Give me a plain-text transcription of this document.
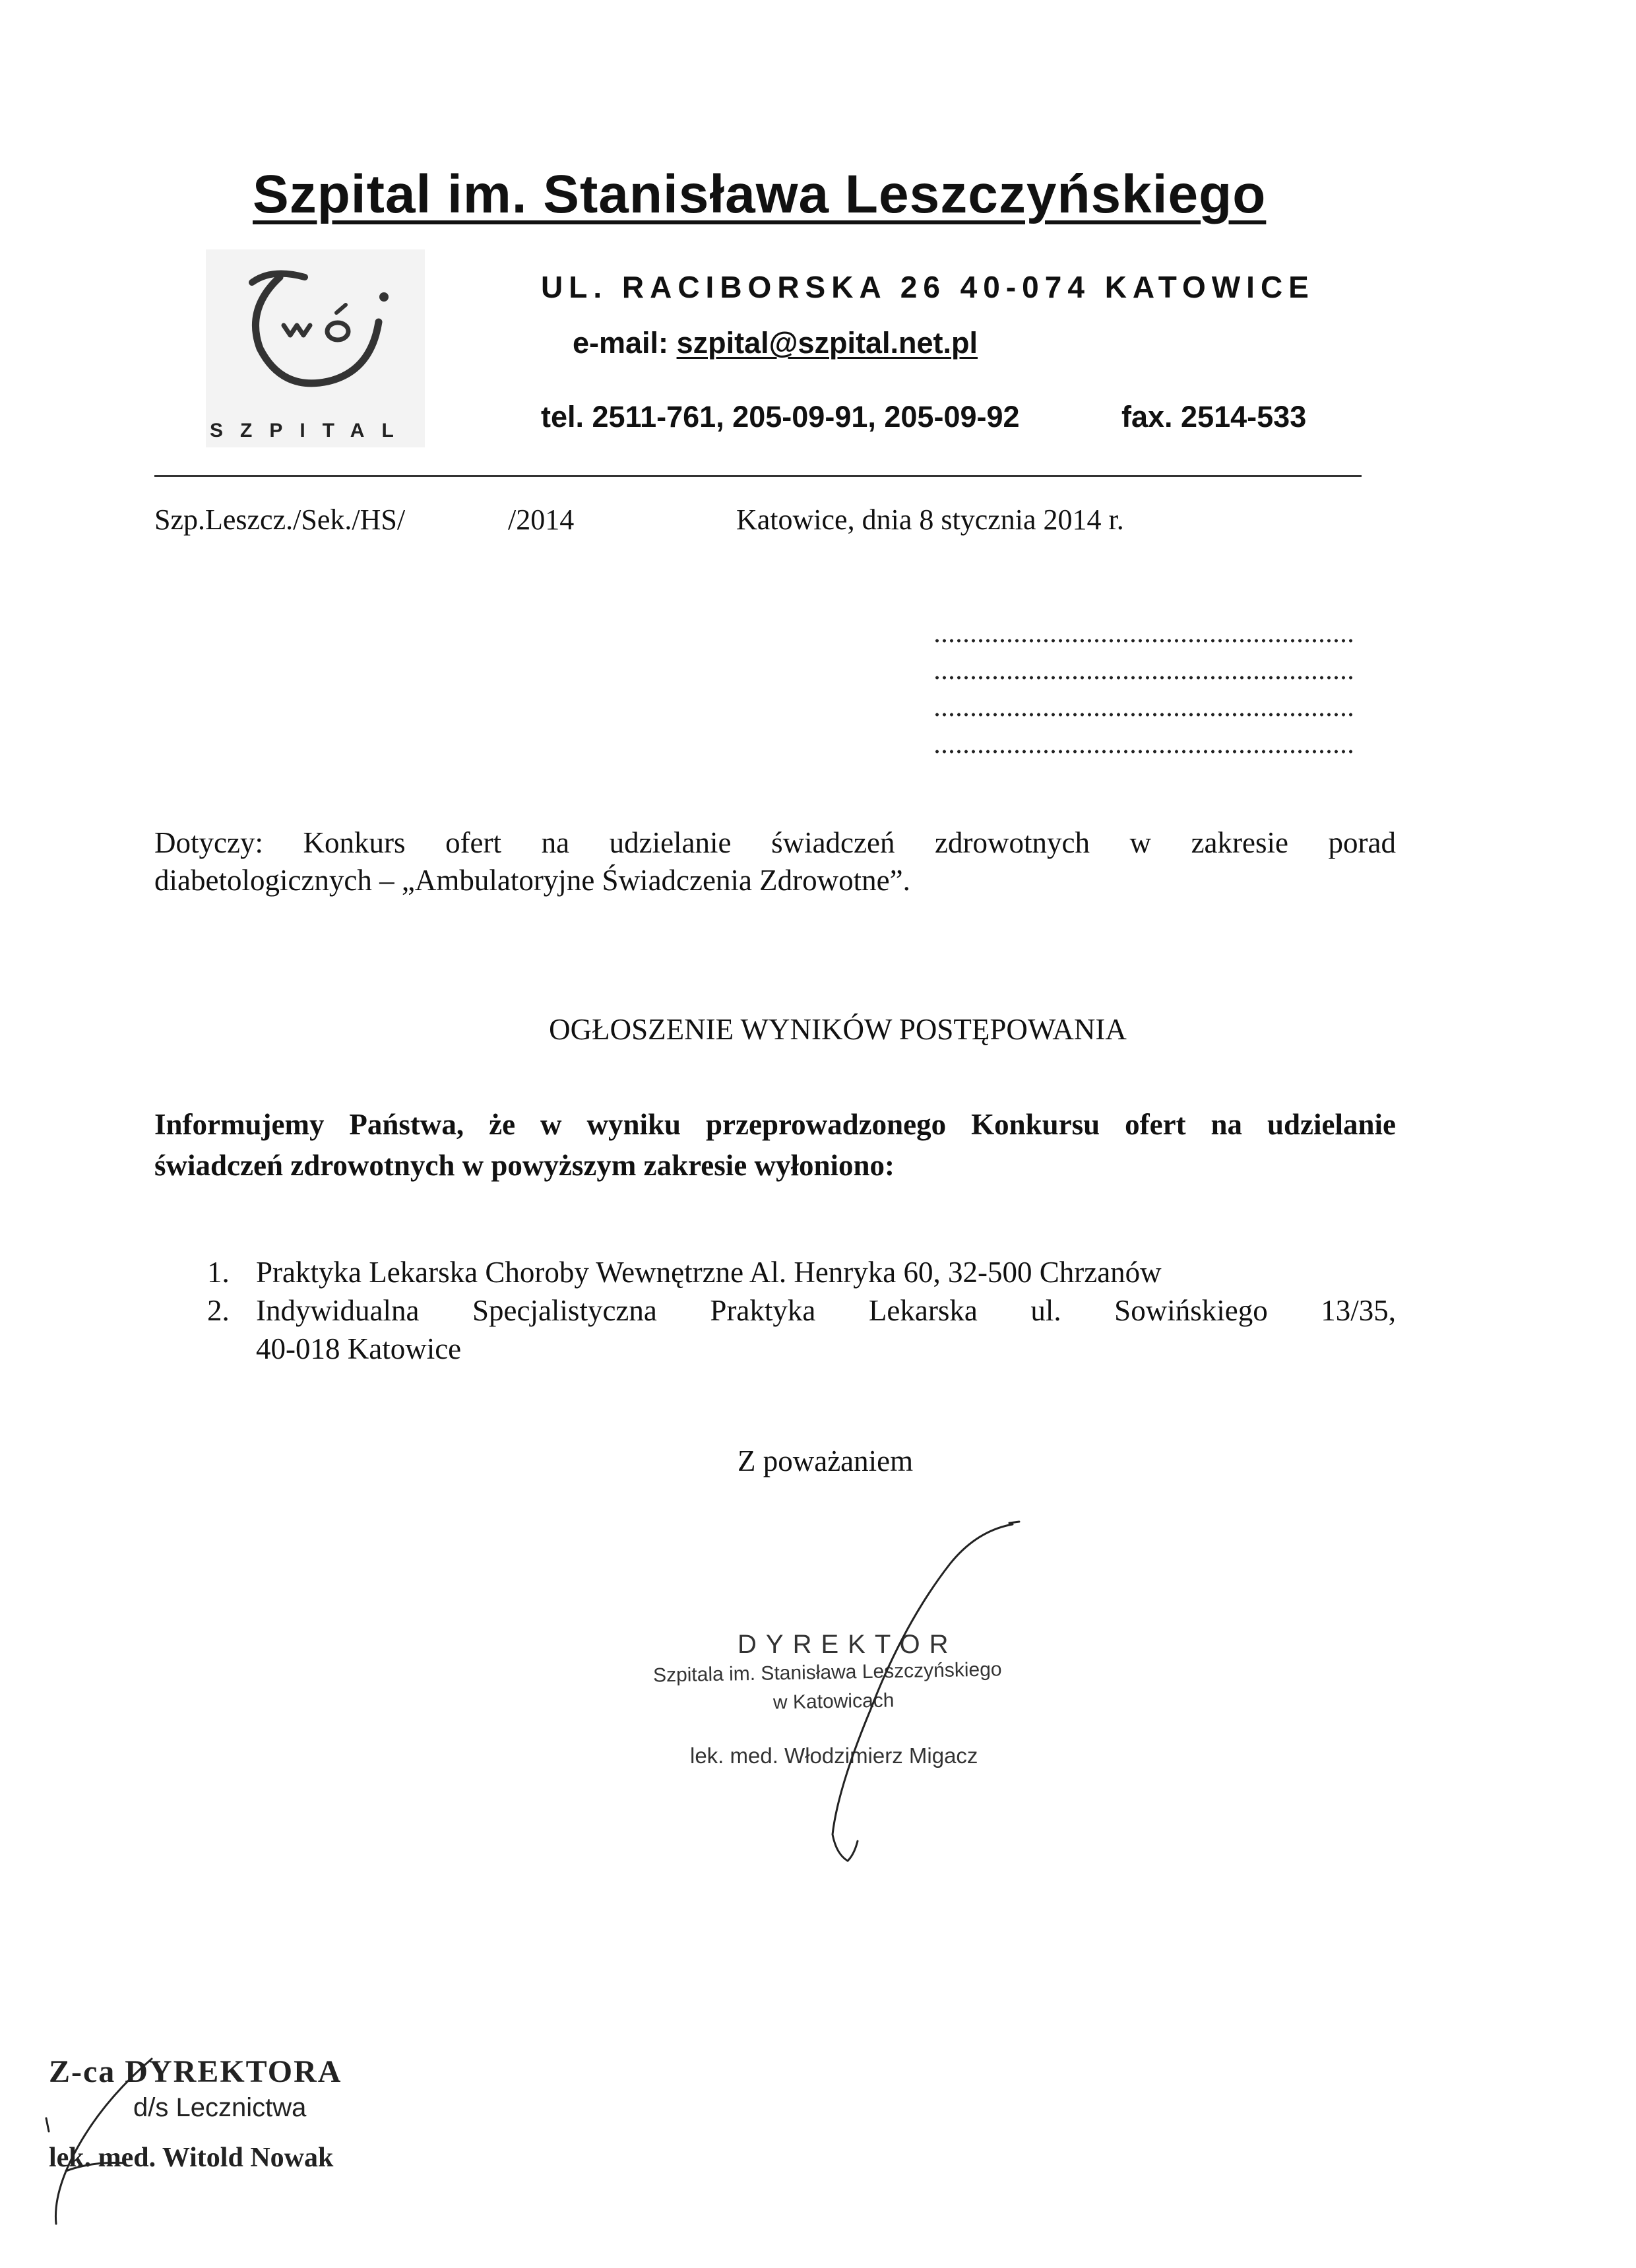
Szpital im. Stanisława Leszczyńskiego
SZPITAL
UL. RACIBORSKA 26 40-074 KATOWICE
e-mail: szpital@szpital.net.pl
tel. 2511-761, 205-09-91, 205-09-92	fax. 2514-533
Szp.Leszcz./Sek./HS/	/2014	Katowice, dnia 8 stycznia 2014 r.
Dotyczy: Konkurs ofert na udzielanie świadczeń zdrowotnych w zakresie porad
diabetologicznych – „Ambulatoryjne Świadczenia Zdrowotne”.
OGŁOSZENIE WYNIKÓW POSTĘPOWANIA
Informujemy Państwa, że w wyniku przeprowadzonego Konkursu ofert na udzielanie
świadczeń zdrowotnych w powyższym zakresie wyłoniono:
1. Praktyka Lekarska Choroby Wewnętrzne Al. Henryka 60, 32-500 Chrzanów
2. Indywidualna Specjalistyczna Praktyka Lekarska ul. Sowińskiego 13/35,
40-018 Katowice
Z poważaniem
DYREKTOR
Szpitala im. Stanisława Leszczyńskiego
w Katowicach
lek. med. Włodzimierz Migacz
Z-ca DYREKTORA
d/s Lecznictwa
lek. med. Witold Nowak
